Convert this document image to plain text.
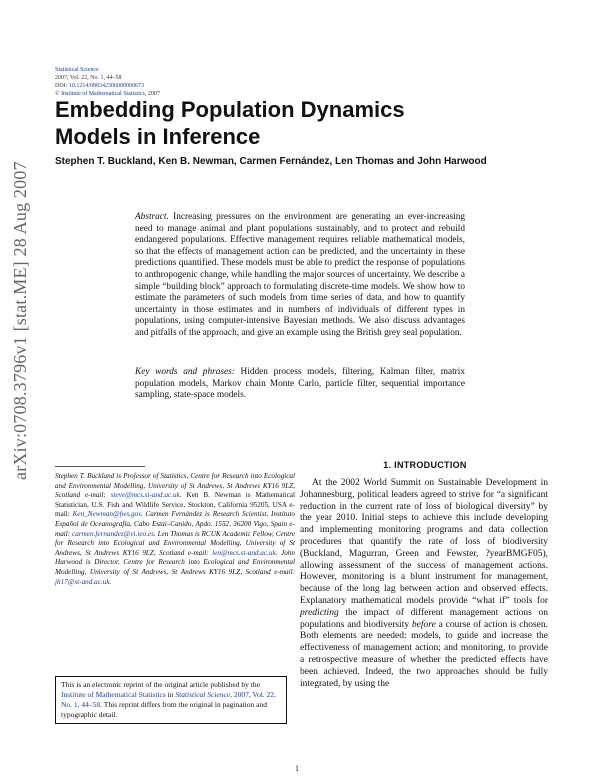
Statistical Science
2007, Vol. 22, No. 1, 44–58
DOI: 10.1214/088342306000000673
© Institute of Mathematical Statistics, 2007
arXiv:0708.3796v1 [stat.ME] 28 Aug 2007
Embedding Population Dynamics Models in Inference
Stephen T. Buckland, Ken B. Newman, Carmen Fernández, Len Thomas and John Harwood
Abstract. Increasing pressures on the environment are generating an ever-increasing need to manage animal and plant populations sustainably, and to protect and rebuild endangered populations. Effective management requires reliable mathematical models, so that the effects of management action can be predicted, and the uncertainty in these predictions quantified. These models must be able to predict the response of populations to anthropogenic change, while handling the major sources of uncertainty. We describe a simple “building block” approach to formulating discrete-time models. We show how to estimate the parameters of such models from time series of data, and how to quantify uncertainty in those estimates and in numbers of individuals of different types in populations, using computer-intensive Bayesian methods. We also discuss advantages and pitfalls of the approach, and give an example using the British grey seal population.
Key words and phrases: Hidden process models, filtering, Kalman filter, matrix population models, Markov chain Monte Carlo, particle filter, sequential importance sampling, state-space models.
Stephen T. Buckland is Professor of Statistics, Centre for Research into Ecological and Environmental Modelling, University of St Andrews, St Andrews KY16 9LZ, Scotland e-mail: steve@mcs.st-and.ac.uk. Ken B. Newman is Mathematical Statistician, U.S. Fish and Wildlife Service, Stockton, California 95205, USA e-mail: Ken_Newman@fws.gov. Carmen Fernández is Research Scientist, Instituto Español de Oceanografía, Cabo Estai–Canido, Apdo. 1552, 36200 Vigo, Spain e-mail: carmen.fernandez@vi.ieo.es. Len Thomas is RCUK Academic Fellow, Centre for Research into Ecological and Environmental Modelling, University of St Andrews, St Andrews KY16 9LZ, Scotland e-mail: len@mcs.st-and.ac.uk. John Harwood is Director, Centre for Research into Ecological and Environmental Modelling, University of St Andrews, St Andrews KY16 9LZ, Scotland e-mail: jh17@st-and.ac.uk.
This is an electronic reprint of the original article published by the Institute of Mathematical Statistics in Statistical Science, 2007, Vol. 22, No. 1, 44–58. This reprint differs from the original in pagination and typographic detail.
1. INTRODUCTION
At the 2002 World Summit on Sustainable Development in Johannesburg, political leaders agreed to strive for “a significant reduction in the current rate of loss of biological diversity” by the year 2010. Initial steps to achieve this include developing and implementing monitoring programs and data collection procedures that quantify the rate of loss of biodiversity (Buckland, Magurran, Green and Fewster, ?yearBMGF05), allowing assessment of the success of management actions. However, monitoring is a blunt instrument for management, because of the long lag between action and observed effects. Explanatory mathematical models provide “what if” tools for predicting the impact of different management actions on populations and biodiversity before a course of action is chosen. Both elements are needed: models, to guide and increase the effectiveness of management action; and monitoring, to provide a retrospective measure of whether the predicted effects have been achieved. Indeed, the two approaches should be fully integrated, by using the
1
